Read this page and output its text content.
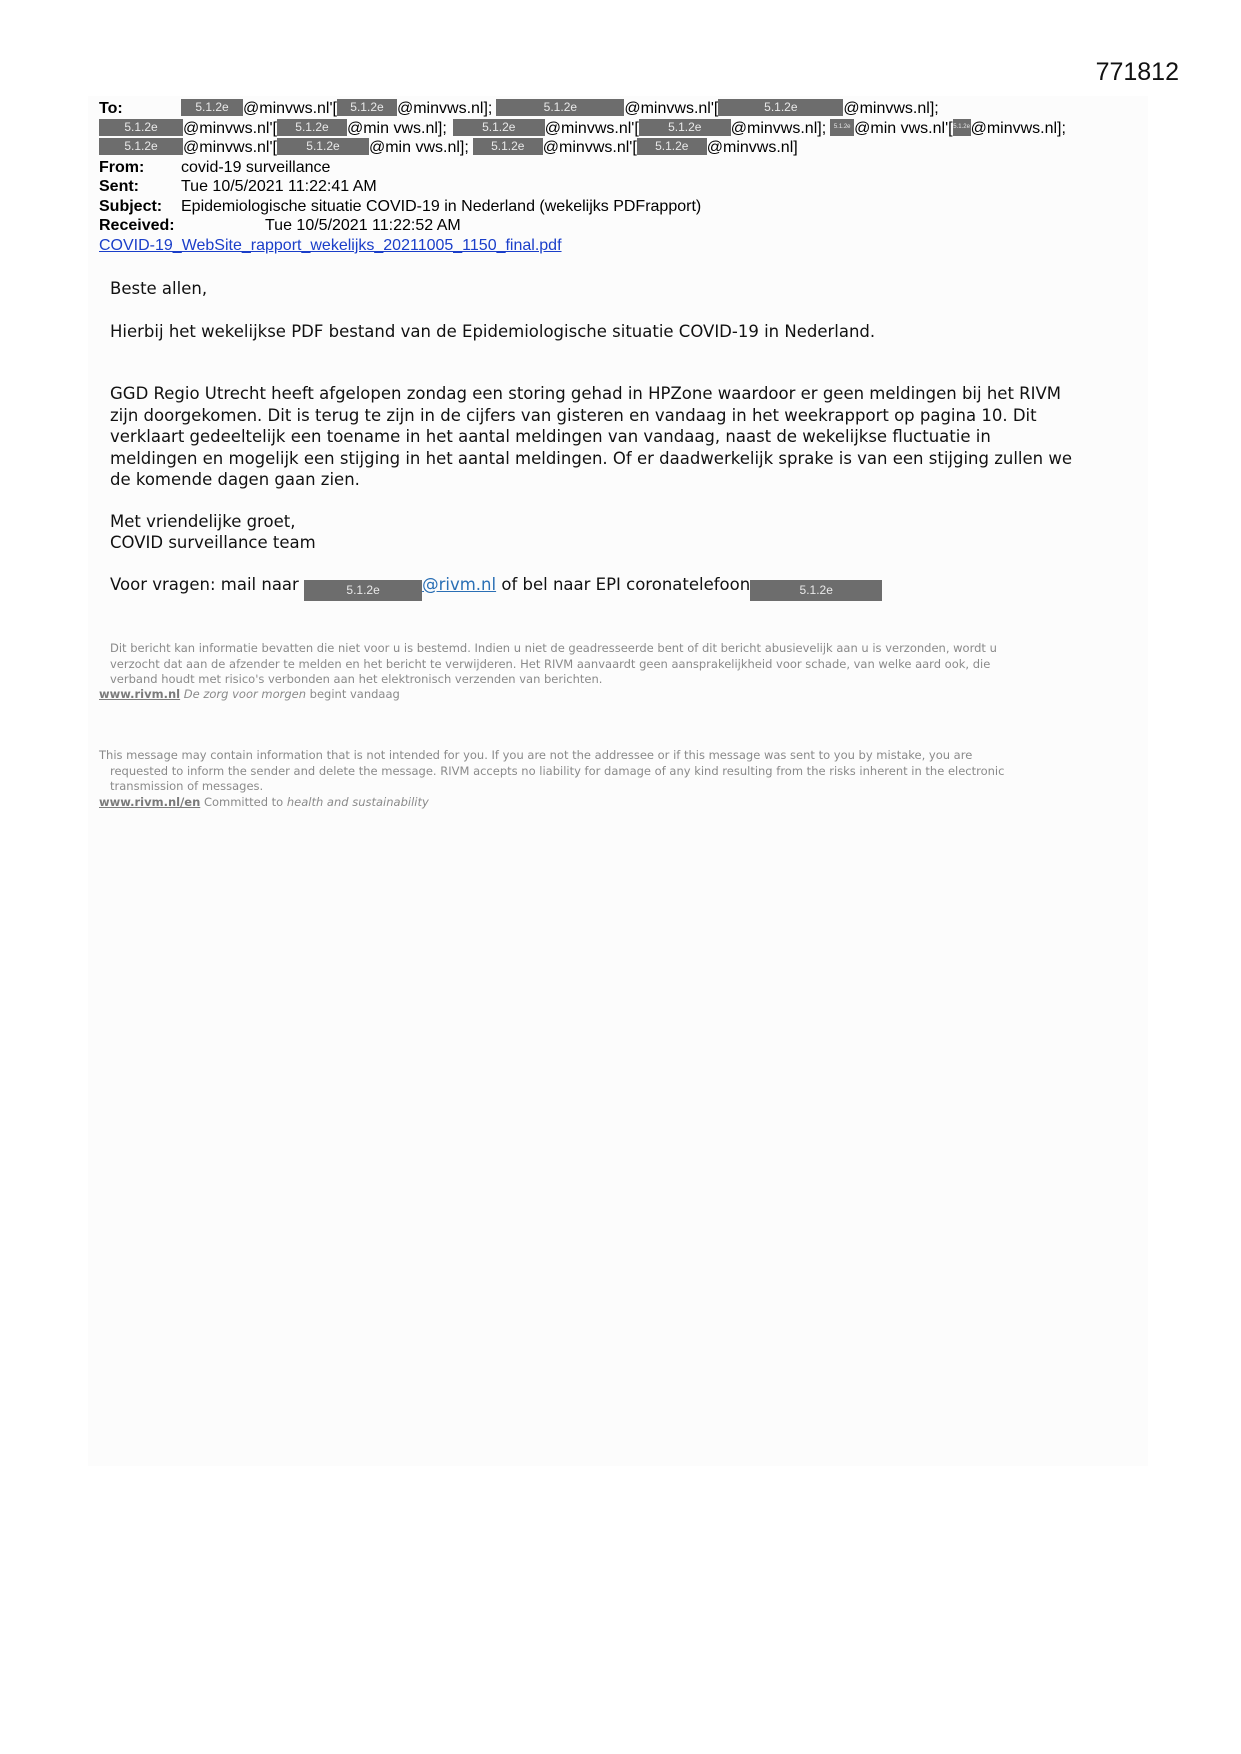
771812
To:	5.1.2e @minvws.nl'[	5.1.2e @minvws.nl];	5.1.2e	@minvws.nl'[	5.1.2e	@minvws.nl];
5.1.2e	@minvws.nl'[	5.1.2e	@min vws.nl];	5.1.2e	@minvws.nl'[	5.1.2e	@minvws.nl];	5.1.2e @min vws.nl'[ 5.1.2e @minvws.nl];
5.1.2e	@minvws.nl'[	5.1.2e	@min vws.nl];	5.1.2e	@minvws.nl'[	5.1.2e	@minvws.nl]
From:	covid-19 surveillance
Sent:	Tue 10/5/2021 11:22:41 AM
Subject:	Epidemiologische situatie COVID-19 in Nederland (wekelijks PDFrapport)
Received:	Tue 10/5/2021 11:22:52 AM
COVID-19_WebSite_rapport_wekelijks_20211005_1150_final.pdf

Beste allen,

Hierbij het wekelijkse PDF bestand van de Epidemiologische situatie COVID-19 in Nederland.

GGD Regio Utrecht heeft afgelopen zondag een storing gehad in HPZone waardoor er geen meldingen bij het RIVM

zijn doorgekomen. Dit is terug te zijn in de cijfers van gisteren en vandaag in het weekrapport op pagina 10. Dit

verklaart gedeeltelijk een toename in het aantal meldingen van vandaag, naast de wekelijkse fluctuatie in

meldingen en mogelijk een stijging in het aantal meldingen. Of er daadwerkelijk sprake is van een stijging zullen we

de komende dagen gaan zien.

Met vriendelijke groet,

COVID surveillance team

Voor vragen: mail naar	5.1.2e	@rivm.nl of bel naar EPI coronatelefoon	5.1.2e

Dit bericht kan informatie bevatten die niet voor u is bestemd. Indien u niet de geadresseerde bent of dit bericht abusievelijk aan u is verzonden, wordt u
verzocht dat aan de afzender te melden en het bericht te verwijderen. Het RIVM aanvaardt geen aansprakelijkheid voor schade, van welke aard ook, die
verband houdt met risico's verbonden aan het elektronisch verzenden van berichten.
www.rivm.nl De zorg voor morgen begint vandaag
This message may contain information that is not intended for you. If you are not the addressee or if this message was sent to you by mistake, you are
requested to inform the sender and delete the message. RIVM accepts no liability for damage of any kind resulting from the risks inherent in the electronic
transmission of messages.
www.rivm.nl/en Committed to health and sustainability
